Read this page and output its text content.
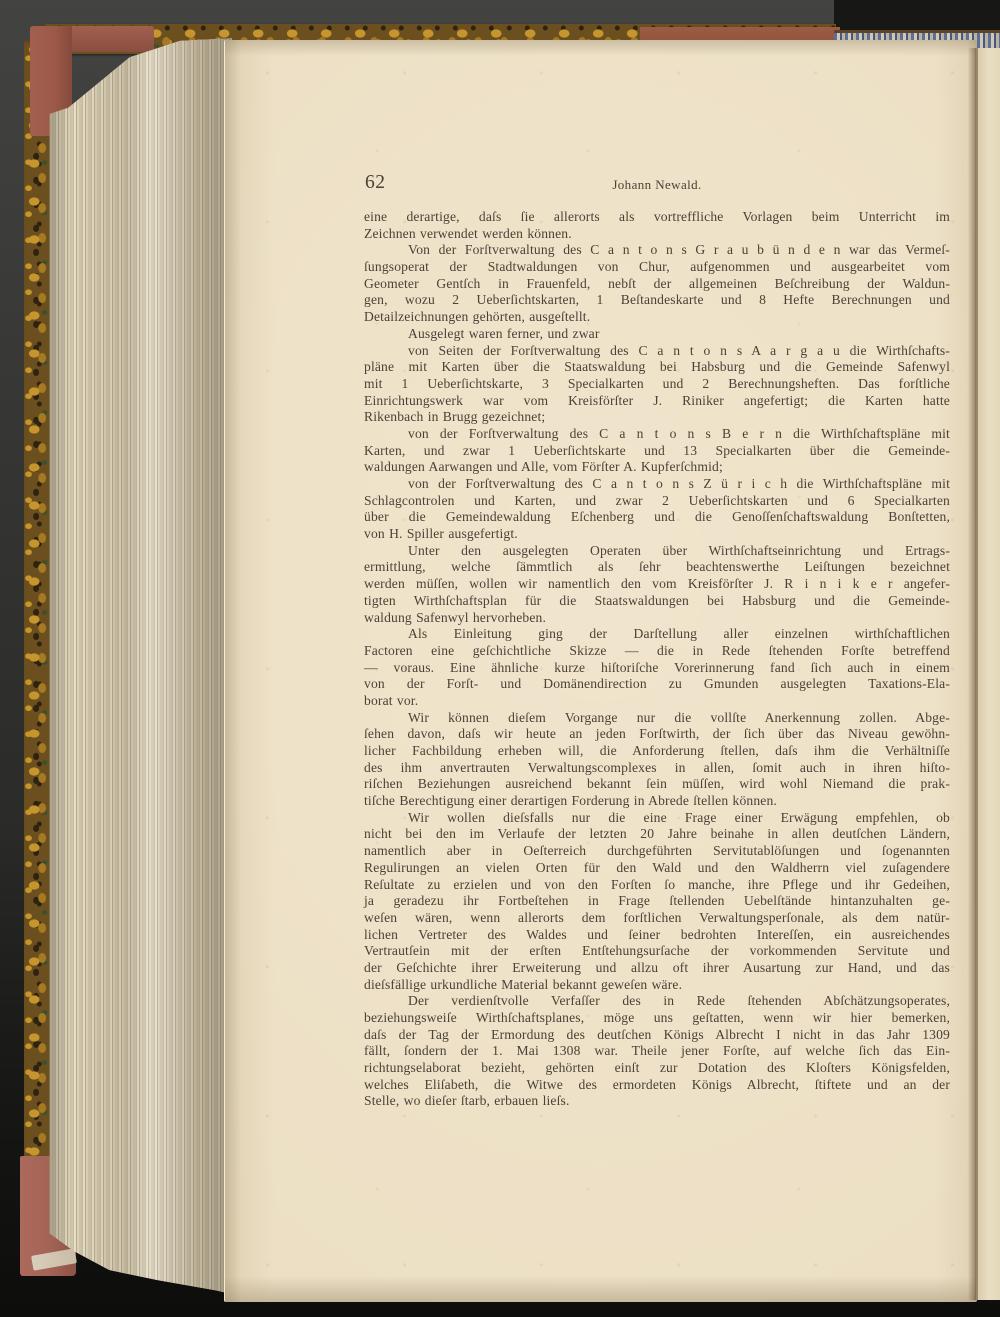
62	Johann Newald.
eine derartige, daſs ſie allerorts als vortreffliche Vorlagen beim Unterricht im
Zeichnen verwendet werden können.
Von der Forſtverwaltung des C a n t o n s G r a u b ü n d e n war das Vermeſ-
ſungsoperat der Stadtwaldungen von Chur, aufgenommen und ausgearbeitet vom
Geometer Gentſch in Frauenfeld, nebſt der allgemeinen Beſchreibung der Waldun-
gen, wozu 2 Ueberſichtskarten, 1 Beſtandeskarte und 8 Hefte Berechnungen und
Detailzeichnungen gehörten, ausgeſtellt.
Ausgelegt waren ferner, und zwar
von Seiten der Forſtverwaltung des C a n t o n s A a r g a u die Wirthſchafts-
pläne mit Karten über die Staatswaldung bei Habsburg und die Gemeinde Safenwyl
mit 1 Ueberſichtskarte, 3 Specialkarten und 2 Berechnungsheften. Das forſtliche
Einrichtungswerk war vom Kreisförſter J. Riniker angefertigt; die Karten hatte
Rikenbach in Brugg gezeichnet;
von der Forſtverwaltung des C a n t o n s B e r n die Wirthſchaftspläne mit
Karten, und zwar 1 Ueberſichtskarte und 13 Specialkarten über die Gemeinde-
waldungen Aarwangen und Alle, vom Förſter A. Kupferſchmid;
von der Forſtverwaltung des C a n t o n s Z ü r i c h die Wirthſchaftspläne mit
Schlagcontrolen und Karten, und zwar 2 Ueberſichtskarten und 6 Specialkarten
über die Gemeindewaldung Eſchenberg und die Genoſſenſchaftswaldung Bonſtetten,
von H. Spiller ausgefertigt.
Unter den ausgelegten Operaten über Wirthſchaftseinrichtung und Ertrags-
ermittlung, welche ſämmtlich als ſehr beachtenswerthe Leiſtungen bezeichnet
werden müſſen, wollen wir namentlich den vom Kreisförſter J. R i n i k e r angefer-
tigten Wirthſchaftsplan für die Staatswaldungen bei Habsburg und die Gemeinde-
waldung Safenwyl hervorheben.
Als Einleitung ging der Darſtellung aller einzelnen wirthſchaftlichen
Factoren eine geſchichtliche Skizze — die in Rede ſtehenden Forſte betreffend
— voraus. Eine ähnliche kurze hiſtoriſche Vorerinnerung fand ſich auch in einem
von der Forſt- und Domänendirection zu Gmunden ausgelegten Taxations-Ela-
borat vor.
Wir können dieſem Vorgange nur die vollſte Anerkennung zollen. Abge-
ſehen davon, daſs wir heute an jeden Forſtwirth, der ſich über das Niveau gewöhn-
licher Fachbildung erheben will, die Anforderung ſtellen, daſs ihm die Verhältniſſe
des ihm anvertrauten Verwaltungscomplexes in allen, ſomit auch in ihren hiſto-
riſchen Beziehungen ausreichend bekannt ſein müſſen, wird wohl Niemand die prak-
tiſche Berechtigung einer derartigen Forderung in Abrede ſtellen können.
Wir wollen dieſsfalls nur die eine Frage einer Erwägung empfehlen, ob
nicht bei den im Verlaufe der letzten 20 Jahre beinahe in allen deutſchen Ländern,
namentlich aber in Oeſterreich durchgeführten Servitutablöſungen und ſogenannten
Regulirungen an vielen Orten für den Wald und den Waldherrn viel zuſagendere
Reſultate zu erzielen und von den Forſten ſo manche, ihre Pflege und ihr Gedeihen,
ja geradezu ihr Fortbeſtehen in Frage ſtellenden Uebelſtände hintanzuhalten ge-
weſen wären, wenn allerorts dem forſtlichen Verwaltungsperſonale, als dem natür-
lichen Vertreter des Waldes und ſeiner bedrohten Intereſſen, ein ausreichendes
Vertrautſein mit der erſten Entſtehungsurſache der vorkommenden Servitute und
der Geſchichte ihrer Erweiterung und allzu oft ihrer Ausartung zur Hand, und das
dieſsfällige urkundliche Material bekannt geweſen wäre.
Der verdienſtvolle Verfaſſer des in Rede ſtehenden Abſchätzungsoperates,
beziehungsweiſe Wirthſchaftsplanes, möge uns geſtatten, wenn wir hier bemerken,
daſs der Tag der Ermordung des deutſchen Königs Albrecht I nicht in das Jahr 1309
fällt, ſondern der 1. Mai 1308 war. Theile jener Forſte, auf welche ſich das Ein-
richtungselaborat bezieht, gehörten einſt zur Dotation des Kloſters Königsfelden,
welches Eliſabeth, die Witwe des ermordeten Königs Albrecht, ſtiftete und an der
Stelle, wo dieſer ſtarb, erbauen lieſs.
